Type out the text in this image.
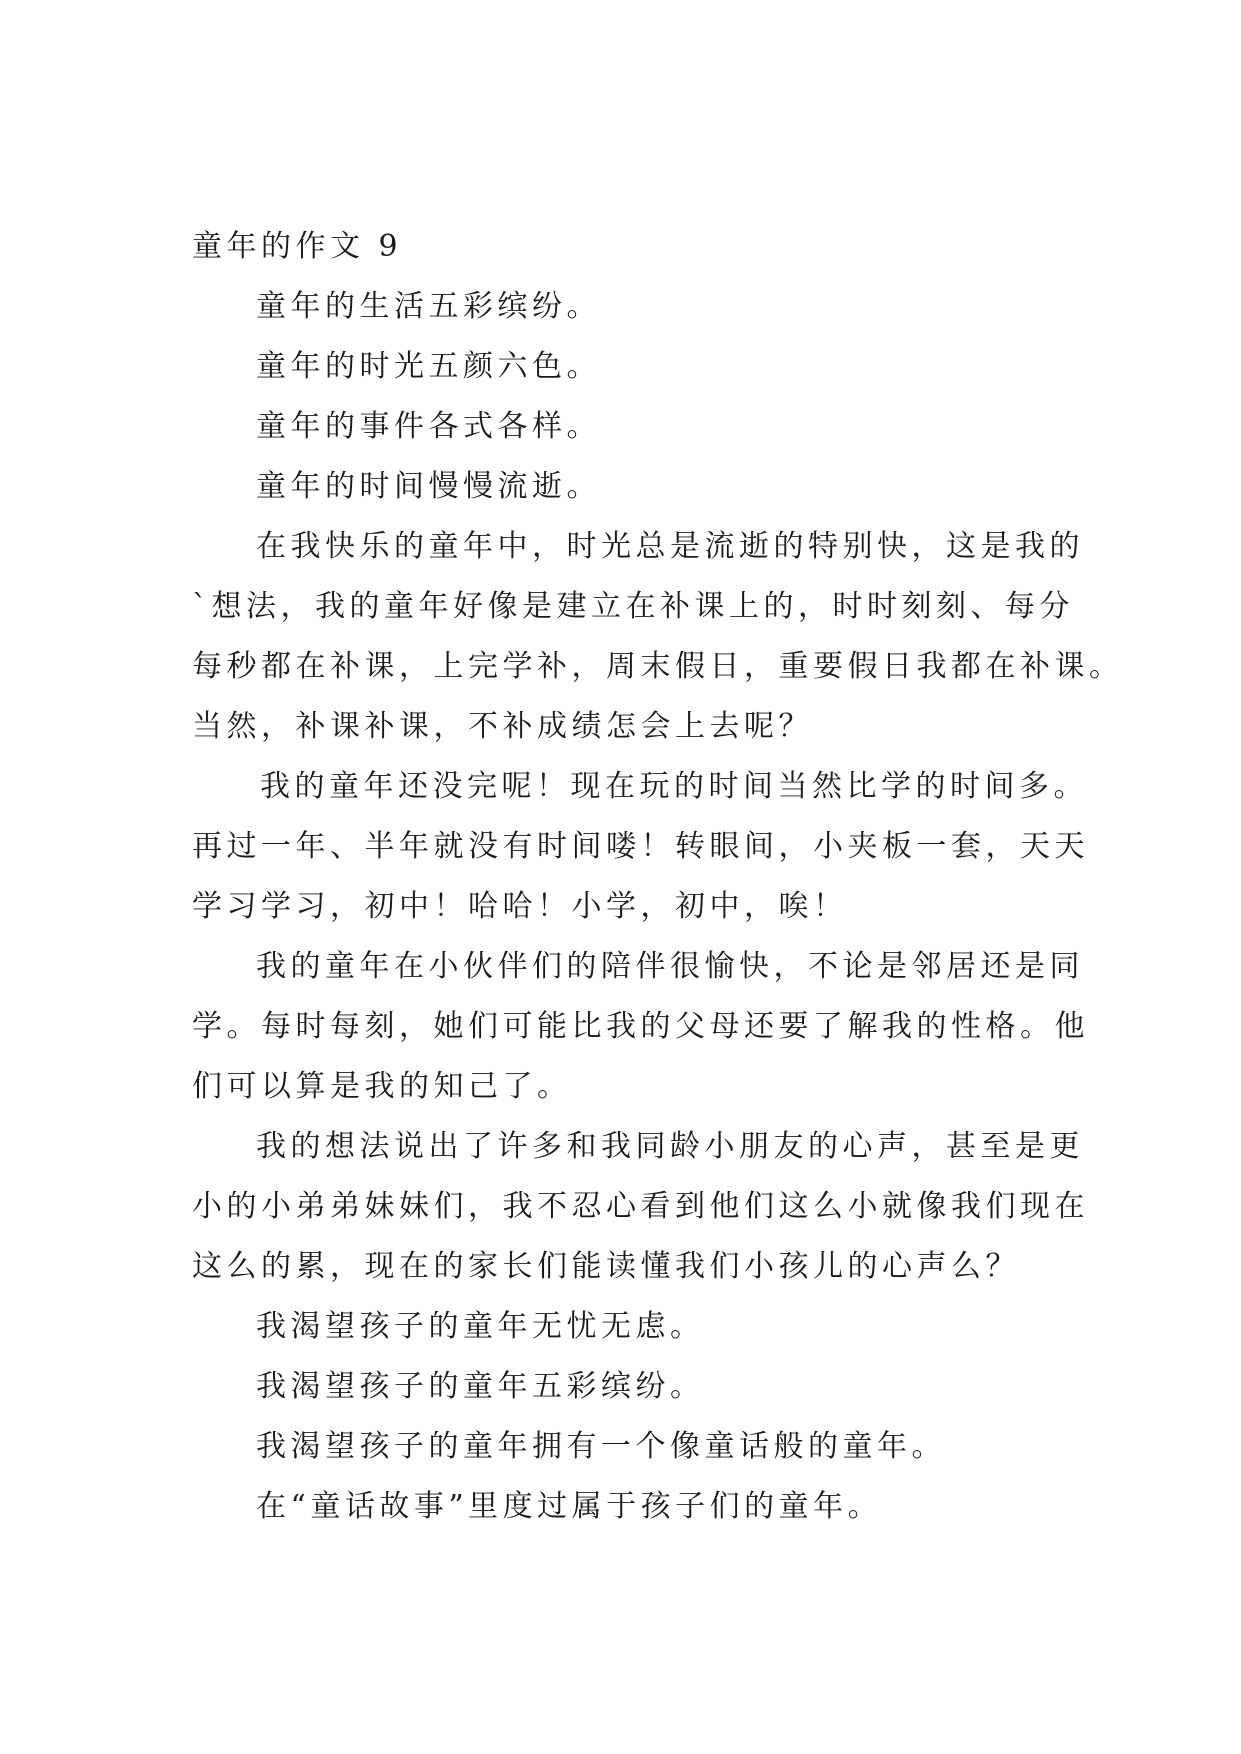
童年的作文 9
童年的生活五彩缤纷。
童年的时光五颜六色。
童年的事件各式各样。
童年的时间慢慢流逝。
在我快乐的童年中，时光总是流逝的特别快，这是我的
`想法，我的童年好像是建立在补课上的，时时刻刻、每分
每秒都在补课，上完学补，周末假日，重要假日我都在补课。
当然，补课补课，不补成绩怎会上去呢？
我的童年还没完呢！现在玩的时间当然比学的时间多。
再过一年、半年就没有时间喽！转眼间，小夹板一套，天天
学习学习，初中！哈哈！小学，初中，唉！
我的童年在小伙伴们的陪伴很愉快，不论是邻居还是同
学。每时每刻，她们可能比我的父母还要了解我的性格。他
们可以算是我的知己了。
我的想法说出了许多和我同龄小朋友的心声，甚至是更
小的小弟弟妹妹们，我不忍心看到他们这么小就像我们现在
这么的累，现在的家长们能读懂我们小孩儿的心声么？
我渴望孩子的童年无忧无虑。
我渴望孩子的童年五彩缤纷。
我渴望孩子的童年拥有一个像童话般的童年。
在“童话故事”里度过属于孩子们的童年。
